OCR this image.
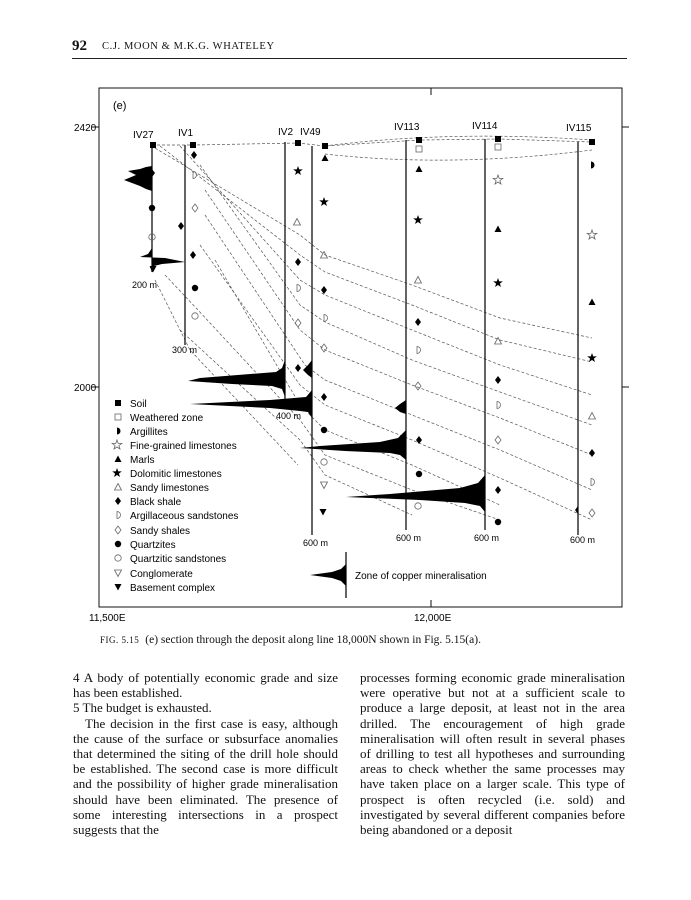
92 C.J. MOON & M.K.G. WHATELEY
(e)
2420
2000
11,500E	12,000E
IV27 IV1	IV2 IV49	IV113	IV114	IV115
200 m
300 m
400 m
600 m	600 m	600 m	600 m
Soil
Weathered zone
Argillites
Fine-grained limestones
Marls
Dolomitic limestones
Sandy limestones
Black shale
Argillaceous sandstones
Sandy shales
Quartzites
Quartzitic sandstones
Conglomerate
Basement complex
Zone of copper mineralisation
FIG. 5.15 (e) section through the deposit along line 18,000N shown in Fig. 5.15(a).

4 A body of potentially economic grade and size has been established.

5 The budget is exhausted.

The decision in the first case is easy, although the cause of the surface or subsurface anomalies that determined the siting of the drill hole should be established. The second case is more difficult and the possibility of higher grade mineralisation should have been eliminated. The presence of some interesting intersections in a prospect suggests that the

processes forming economic grade mineralisation were operative but not at a sufficient scale to produce a large deposit, at least not in the area drilled. The encouragement of high grade mineralisation will often result in several phases of drilling to test all hypotheses and surrounding areas to check whether the same processes may have taken place on a larger scale. This type of prospect is often recycled (i.e. sold) and investigated by several different companies before being abandoned or a deposit
